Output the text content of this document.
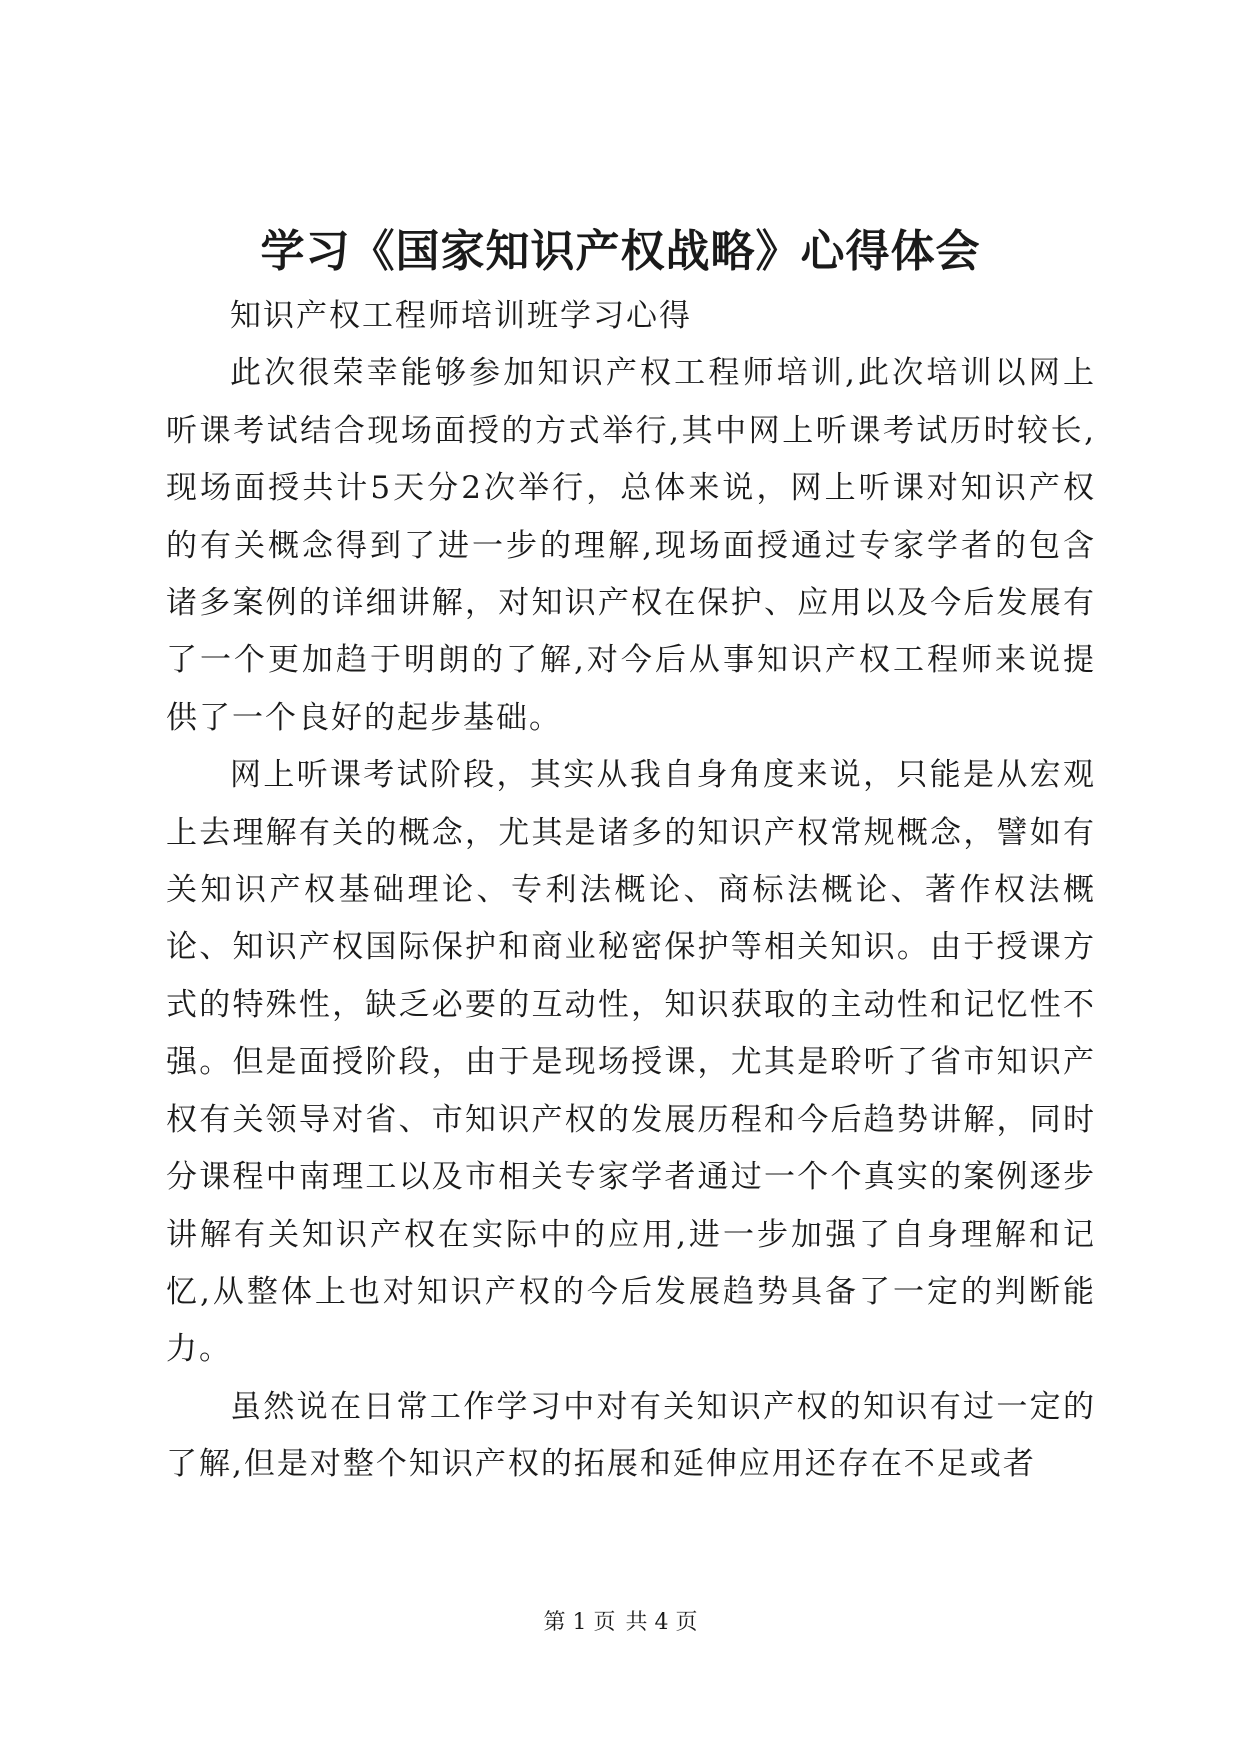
学习《国家知识产权战略》心得体会

知识产权工程师培训班学习心得

此次很荣幸能够参加知识产权工程师培训,此次培训以网上听课考试结合现场面授的方式举行,其中网上听课考试历时较长,现场面授共计5天分2次举行，总体来说，网上听课对知识产权的有关概念得到了进一步的理解,现场面授通过专家学者的包含诸多案例的详细讲解，对知识产权在保护、应用以及今后发展有了一个更加趋于明朗的了解,对今后从事知识产权工程师来说提供了一个良好的起步基础。

网上听课考试阶段，其实从我自身角度来说，只能是从宏观上去理解有关的概念，尤其是诸多的知识产权常规概念，譬如有关知识产权基础理论、专利法概论、商标法概论、著作权法概论、知识产权国际保护和商业秘密保护等相关知识。由于授课方式的特殊性，缺乏必要的互动性，知识获取的主动性和记忆性不强。但是面授阶段，由于是现场授课，尤其是聆听了省市知识产权有关领导对省、市知识产权的发展历程和今后趋势讲解，同时分课程中南理工以及市相关专家学者通过一个个真实的案例逐步讲解有关知识产权在实际中的应用,进一步加强了自身理解和记忆,从整体上也对知识产权的今后发展趋势具备了一定的判断能力。

虽然说在日常工作学习中对有关知识产权的知识有过一定的了解,但是对整个知识产权的拓展和延伸应用还存在不足或者

第 1 页 共 4 页
